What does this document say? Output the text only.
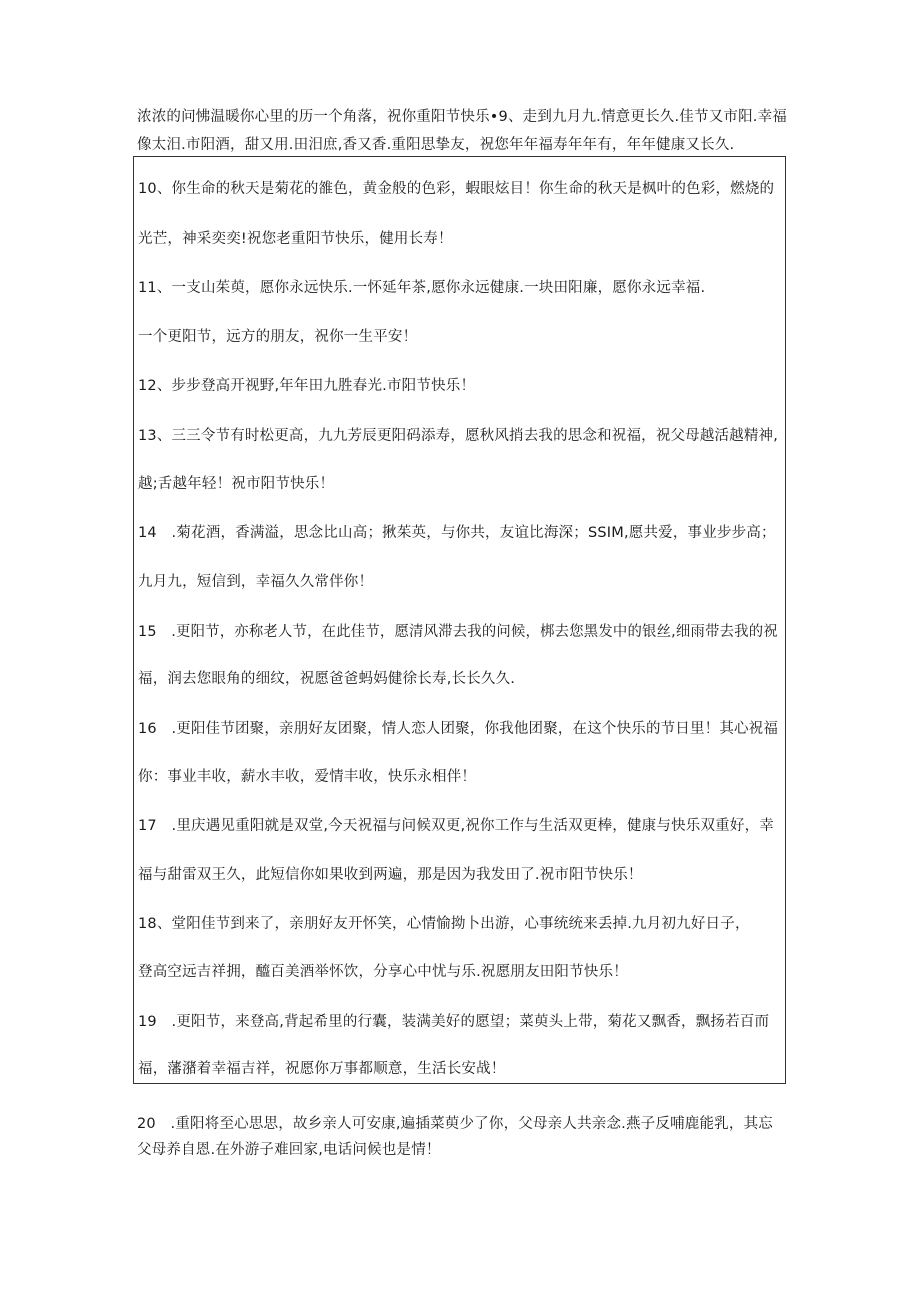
浓浓的问怫温暖你心里的历一个角落，祝你重阳节快乐•9、走到九月九.情意更长久.佳节又市阳.幸福
像太汨.市阳酒，甜又用.田汨庶,香又香.重阳思挚友，祝您年年福寿年年有，年年健康又长久.
10、你生命的秋天是菊花的雒色，黄金般的色彩，蝦眼炫目！你生命的秋天是枫叶的色彩，燃烧的
光芒，神采奕奕!祝您老重阳节快乐，健用长寿！
11、一支山茱萸，愿你永远快乐.一怀延年茶,愿你永远健康.一块田阳廉，愿你永远幸福.
一个更阳节，远方的朋友，祝你一生平安！
12、步步登高开视野,年年田九胜春光.市阳节快乐！
13、三三令节有时松更高，九九芳辰更阳码添寿，愿秋风捎去我的思念和祝福，祝父母越活越精神,
越;舌越年轻！祝市阳节快乐！
14　.菊花酒，香满溢，思念比山高；揪茱英，与你共，友谊比海深；SSIM,愿共爱，事业步步高；
九月九，短信到，幸福久久常伴你！
15　.更阳节，亦称老人节，在此佳节，愿清风滞去我的问候，梆去您黑发中的银丝,细雨带去我的祝
福，润去您眼角的细纹，祝愿爸爸蚂妈健徐长寿,长长久久.
16　.更阳佳节团聚，亲朋好友团聚，情人恋人团聚，你我他团聚，在这个快乐的节日里！其心祝福
你：事业丰收，薪水丰收，爱情丰收，快乐永相伴！
17　.里庆遇见重阳就是双堂,今天祝福与问候双更,祝你工作与生活双更棒，健康与快乐双重好，幸
福与甜雷双王久，此短信你如果收到两遍，那是因为我发田了.祝市阳节快乐！
18、堂阳佳节到来了，亲朋好友开怀笑，心情愉拗卜出游，心事统统来丢掉.九月初九好日子，
登高空远吉祥拥，醯百美酒举怀饮，分享心中忧与乐.祝愿朋友田阳节快乐！
19　.更阳节，来登高,背起希里的行囊，装满美好的愿望；菜萸头上带，菊花又飘香，飘扬若百而
福，藩潴着幸福吉祥，祝愿你万事都顺意，生活长安战！
20　.重阳将至心思思，故乡亲人可安康,遍插菜萸少了你，父母亲人共亲念.燕子反哺鹿能乳，其忘
父母养自恩.在外游子难回家,电话问候也是情！
